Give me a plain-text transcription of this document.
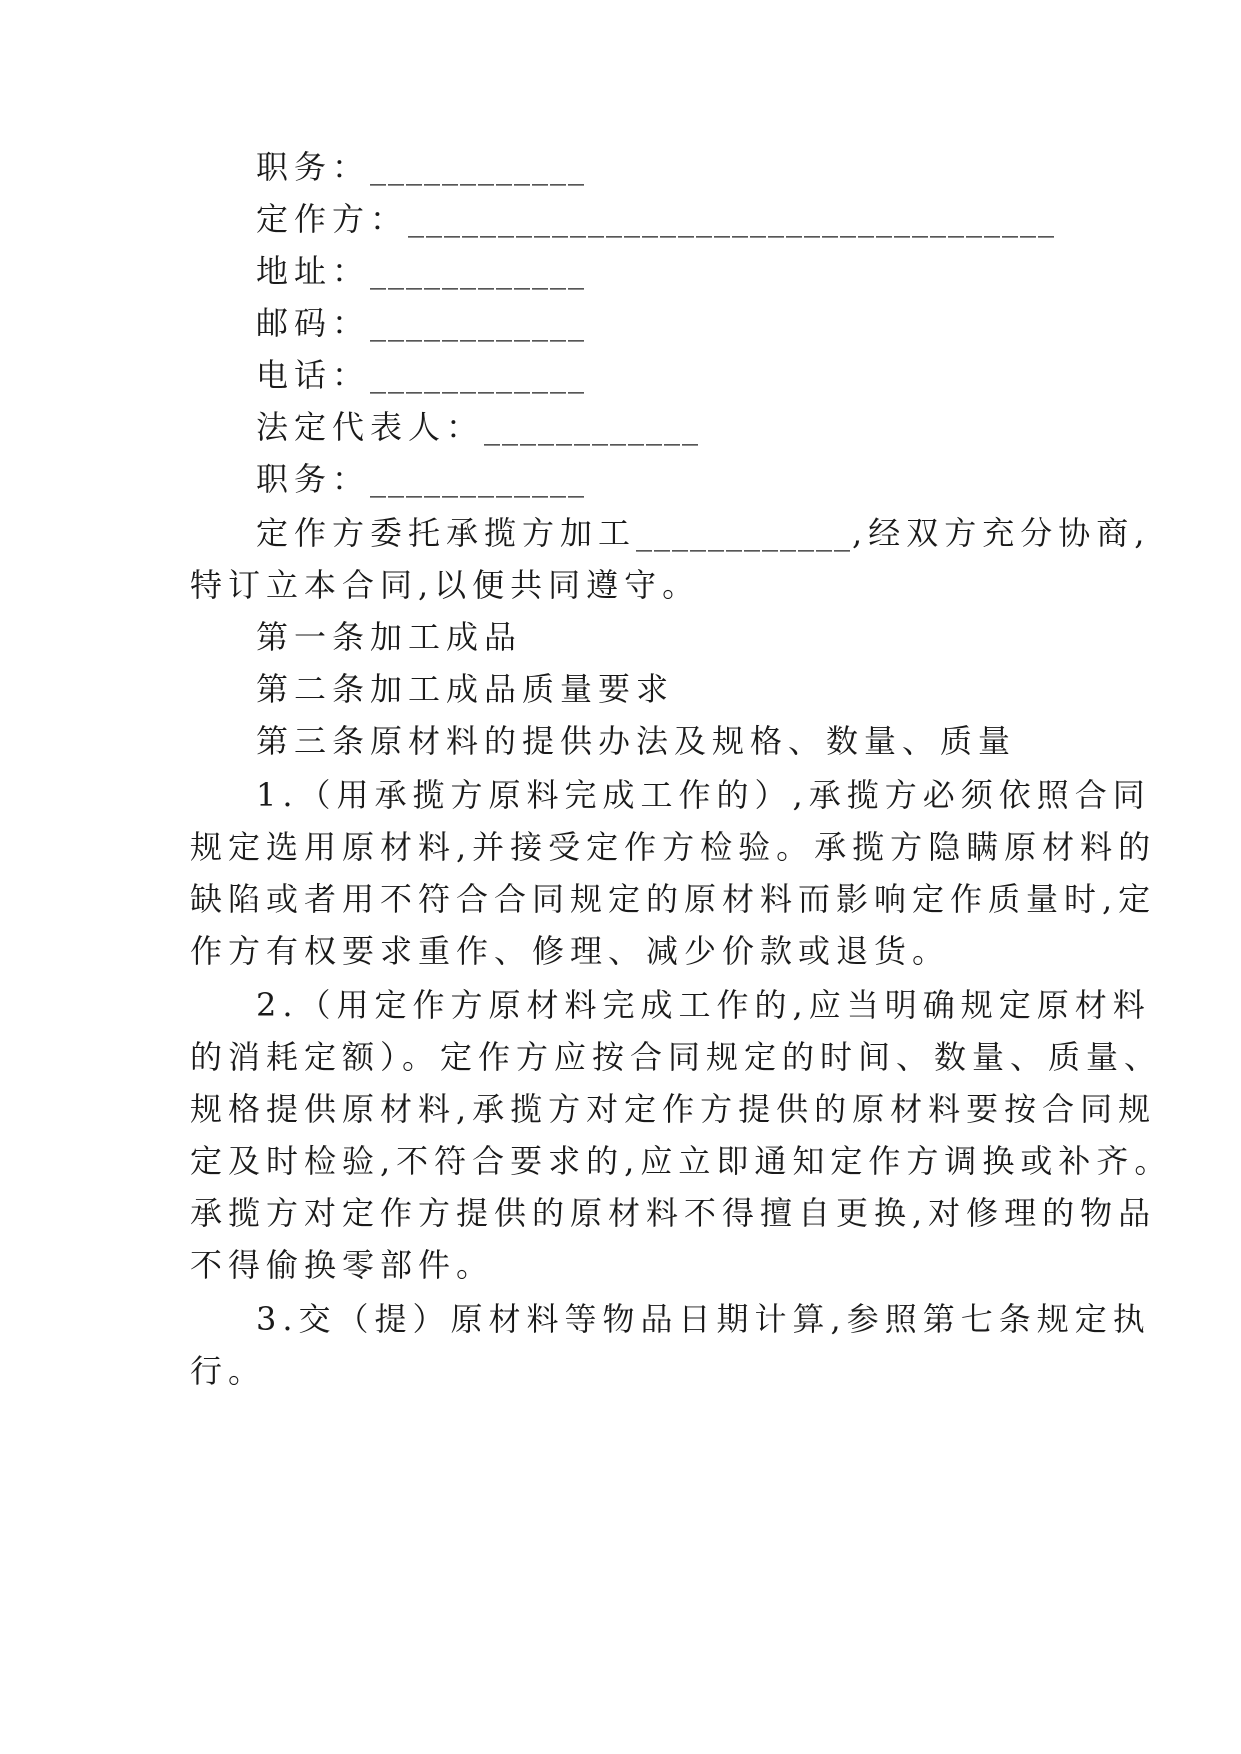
职务：____________
定作方：____________________________________
地址：____________
邮码：____________
电话：____________
法定代表人：____________
职务：____________
定作方委托承揽方加工____________,经双方充分协商,
特订立本合同,以便共同遵守。
第一条加工成品
第二条加工成品质量要求
第三条原材料的提供办法及规格、数量、质量
1.（用承揽方原料完成工作的）,承揽方必须依照合同
规定选用原材料,并接受定作方检验。承揽方隐瞒原材料的
缺陷或者用不符合合同规定的原材料而影响定作质量时,定
作方有权要求重作、修理、减少价款或退货。
2.（用定作方原材料完成工作的,应当明确规定原材料
的消耗定额）。定作方应按合同规定的时间、数量、质量、
规格提供原材料,承揽方对定作方提供的原材料要按合同规
定及时检验,不符合要求的,应立即通知定作方调换或补齐。
承揽方对定作方提供的原材料不得擅自更换,对修理的物品
不得偷换零部件。
3.交（提）原材料等物品日期计算,参照第七条规定执
行。
